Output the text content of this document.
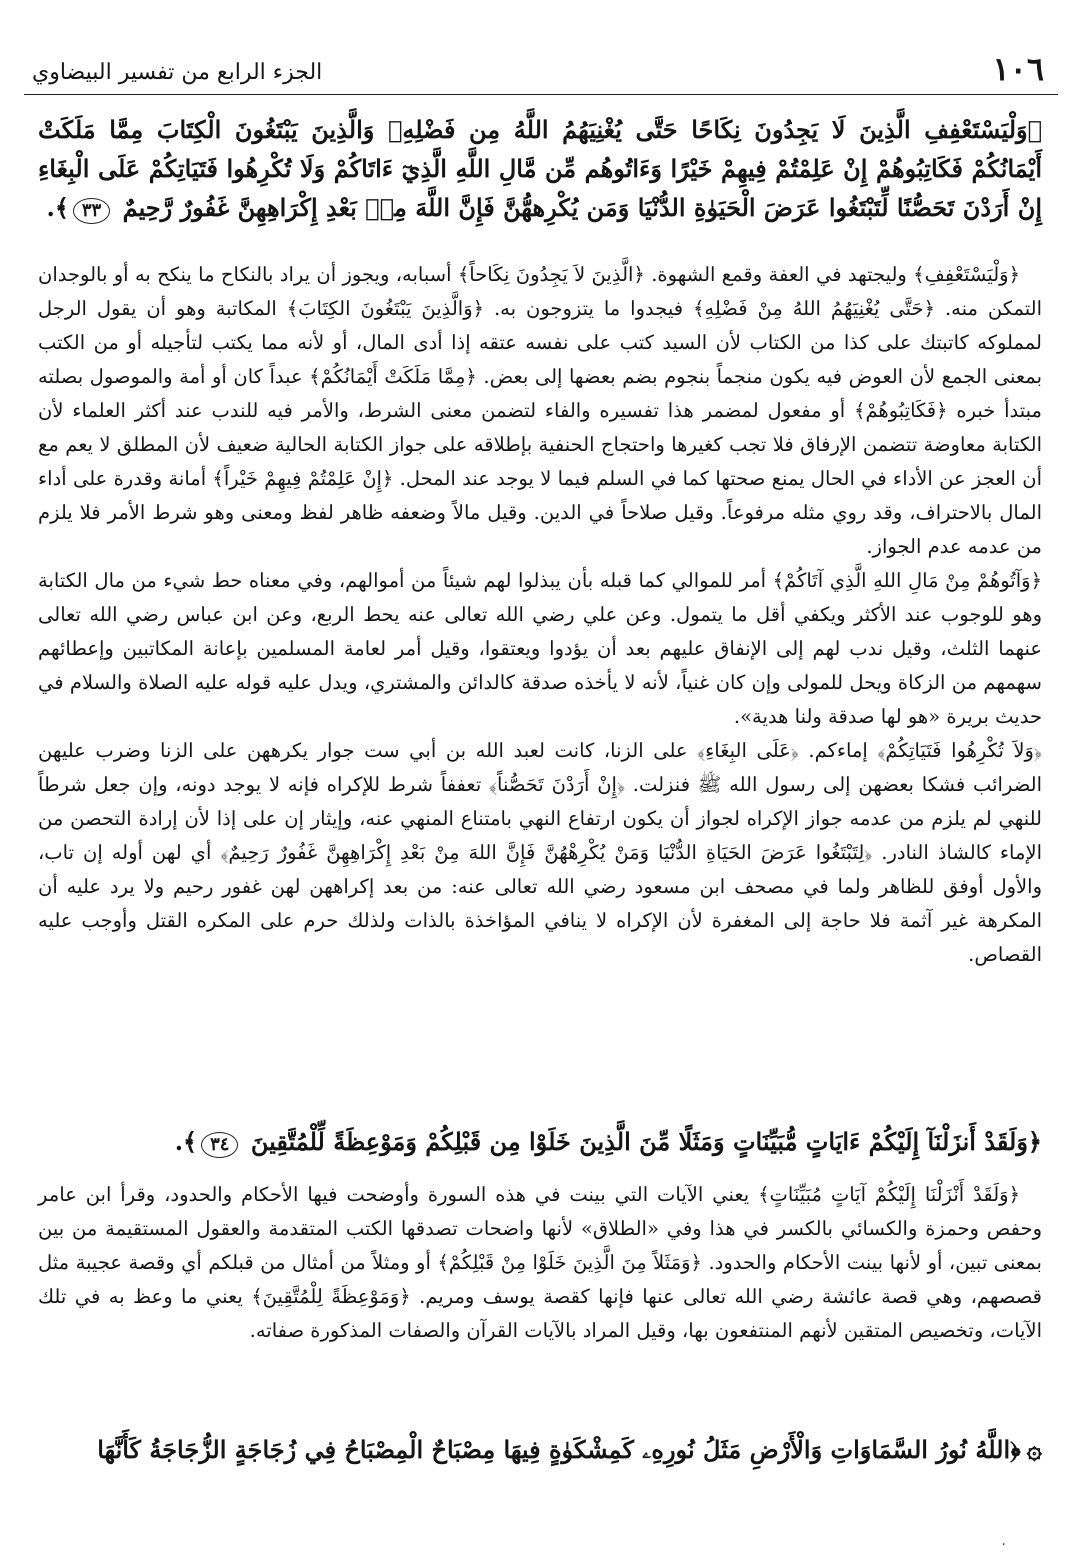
١٠٦
الجزء الرابع من تفسير البيضاوي
﴿وَلْيَسْتَعْفِفِ الَّذِينَ لَا يَجِدُونَ نِكَاحًا حَتَّى يُغْنِيَهُمُ اللَّهُ مِن فَضْلِهِۦ وَالَّذِينَ يَبْتَغُونَ الْكِتَابَ مِمَّا مَلَكَتْ أَيْمَانُكُمْ فَكَاتِبُوهُمْ إِنْ عَلِمْتُمْ فِيهِمْ خَيْرًا وَءَاتُوهُم مِّن مَّالِ اللَّهِ الَّذِيٓ ءَاتَاكُمْ وَلَا تُكْرِهُوا فَتَيَاتِكُمْ عَلَى الْبِغَاءِ إِنْ أَرَدْنَ تَحَصُّنًا لِّتَبْتَغُوا عَرَضَ الْحَيَوٰةِ الدُّنْيَا وَمَن يُكْرِههُّنَّ فَإِنَّ اللَّهَ مِنۢ بَعْدِ إِكْرَاهِهِنَّ غَفُورٌ رَّحِيمٌ ٣٣﴾.

﴿وَلْيَسْتَعْفِفِ﴾ وليجتهد في العفة وقمع الشهوة. ﴿الَّذِينَ لاَ يَجِدُونَ نِكَاحاً﴾ أسبابه، ويجوز أن يراد بالنكاح ما ينكح به أو بالوجدان التمكن منه. ﴿حَتَّى يُغْنِيَهُمُ اللهُ مِنْ فَضْلِهِ﴾ فيجدوا ما يتزوجون به. ﴿وَالَّذِينَ يَبْتَغُونَ الكِتَابَ﴾ المكاتبة وهو أن يقول الرجل لمملوكه كاتبتك على كذا من الكتاب لأن السيد كتب على نفسه عتقه إذا أدى المال، أو لأنه مما يكتب لتأجيله أو من الكتب بمعنى الجمع لأن العوض فيه يكون منجماً بنجوم بضم بعضها إلى بعض. ﴿مِمَّا مَلَكَتْ أَيْمَانُكُمْ﴾ عبداً كان أو أمة والموصول بصلته مبتدأ خبره ﴿فَكَاتِبُوهُمْ﴾ أو مفعول لمضمر هذا تفسيره والفاء لتضمن معنى الشرط، والأمر فيه للندب عند أكثر العلماء لأن الكتابة معاوضة تتضمن الإرفاق فلا تجب كغيرها واحتجاج الحنفية بإطلاقه على جواز الكتابة الحالية ضعيف لأن المطلق لا يعم مع أن العجز عن الأداء في الحال يمنع صحتها كما في السلم فيما لا يوجد عند المحل. ﴿إِنْ عَلِمْتُمْ فِيهِمْ خَيْراً﴾ أمانة وقدرة على أداء المال بالاحتراف، وقد روي مثله مرفوعاً. وقيل صلاحاً في الدين. وقيل مالاً وضعفه ظاهر لفظ ومعنى وهو شرط الأمر فلا يلزم من عدمه عدم الجواز.

﴿وَآتُوهُمْ مِنْ مَالِ اللهِ الَّذِي آتَاكُمْ﴾ أمر للموالي كما قبله بأن يبذلوا لهم شيئاً من أموالهم، وفي معناه حط شيء من مال الكتابة وهو للوجوب عند الأكثر ويكفي أقل ما يتمول. وعن علي رضي الله تعالى عنه يحط الربع، وعن ابن عباس رضي الله تعالى عنهما الثلث، وقيل ندب لهم إلى الإنفاق عليهم بعد أن يؤدوا ويعتقوا، وقيل أمر لعامة المسلمين بإعانة المكاتبين وإعطائهم سهمهم من الزكاة ويحل للمولى وإن كان غنياً، لأنه لا يأخذه صدقة كالدائن والمشتري، ويدل عليه قوله عليه الصلاة والسلام في حديث بريرة «هو لها صدقة ولنا هدية».

﴿وَلاَ تُكْرِهُوا فَتَيَاتِكُمْ﴾ إماءكم. ﴿عَلَى البِغَاءِ﴾ على الزنا، كانت لعبد الله بن أبي ست جوار يكرههن على الزنا وضرب عليهن الضرائب فشكا بعضهن إلى رسول الله ﷺ فنزلت. ﴿إِنْ أَرَدْنَ تَحَصُّناً﴾ تعففاً شرط للإكراه فإنه لا يوجد دونه، وإن جعل شرطاً للنهي لم يلزم من عدمه جواز الإكراه لجواز أن يكون ارتفاع النهي بامتناع المنهي عنه، وإيثار إن على إذا لأن إرادة التحصن من الإماء كالشاذ النادر. ﴿لِتَبْتَغُوا عَرَضَ الحَيَاةِ الدُّنْيَا وَمَنْ يُكْرِهْهُنَّ فَإِنَّ اللهَ مِنْ بَعْدِ إِكْرَاهِهِنَّ غَفُورٌ رَحِيمٌ﴾ أي لهن أوله إن تاب، والأول أوفق للظاهر ولما في مصحف ابن مسعود رضي الله تعالى عنه: من بعد إكراههن لهن غفور رحيم ولا يرد عليه أن المكرهة غير آثمة فلا حاجة إلى المغفرة لأن الإكراه لا ينافي المؤاخذة بالذات ولذلك حرم على المكره القتل وأوجب عليه القصاص.

﴿وَلَقَدْ أَنزَلْنَآ إِلَيْكُمْ ءَايَاتٍ مُّبَيِّنَاتٍ وَمَثَلًا مِّنَ الَّذِينَ خَلَوْا مِن قَبْلِكُمْ وَمَوْعِظَةً لِّلْمُتَّقِينَ ٣٤﴾.

﴿وَلَقَدْ أَنْزَلْنَا إِلَيْكُمْ آيَاتٍ مُبَيِّنَاتٍ﴾ يعني الآيات التي بينت في هذه السورة وأوضحت فيها الأحكام والحدود، وقرأ ابن عامر وحفص وحمزة والكسائي بالكسر في هذا وفي «الطلاق» لأنها واضحات تصدقها الكتب المتقدمة والعقول المستقيمة من بين بمعنى تبين، أو لأنها بينت الأحكام والحدود. ﴿وَمَثَلاً مِنَ الَّذِينَ خَلَوْا مِنْ قَبْلِكُمْ﴾ أو ومثلاً من أمثال من قبلكم أي وقصة عجيبة مثل قصصهم، وهي قصة عائشة رضي الله تعالى عنها فإنها كقصة يوسف ومريم. ﴿وَمَوْعِظَةً لِلْمُتَّقِينَ﴾ يعني ما وعظ به في تلك الآيات، وتخصيص المتقين لأنهم المنتفعون بها، وقيل المراد بالآيات القرآن والصفات المذكورة صفاته.

۞﴿اللَّهُ نُورُ السَّمَاوَاتِ وَالْأَرْضِ مَثَلُ نُورِهِۦ كَمِشْكَوٰةٍ فِيهَا مِصْبَاحٌ الْمِصْبَاحُ فِي زُجَاجَةٍ الزُّجَاجَةُ كَأَنَّهَا
·
